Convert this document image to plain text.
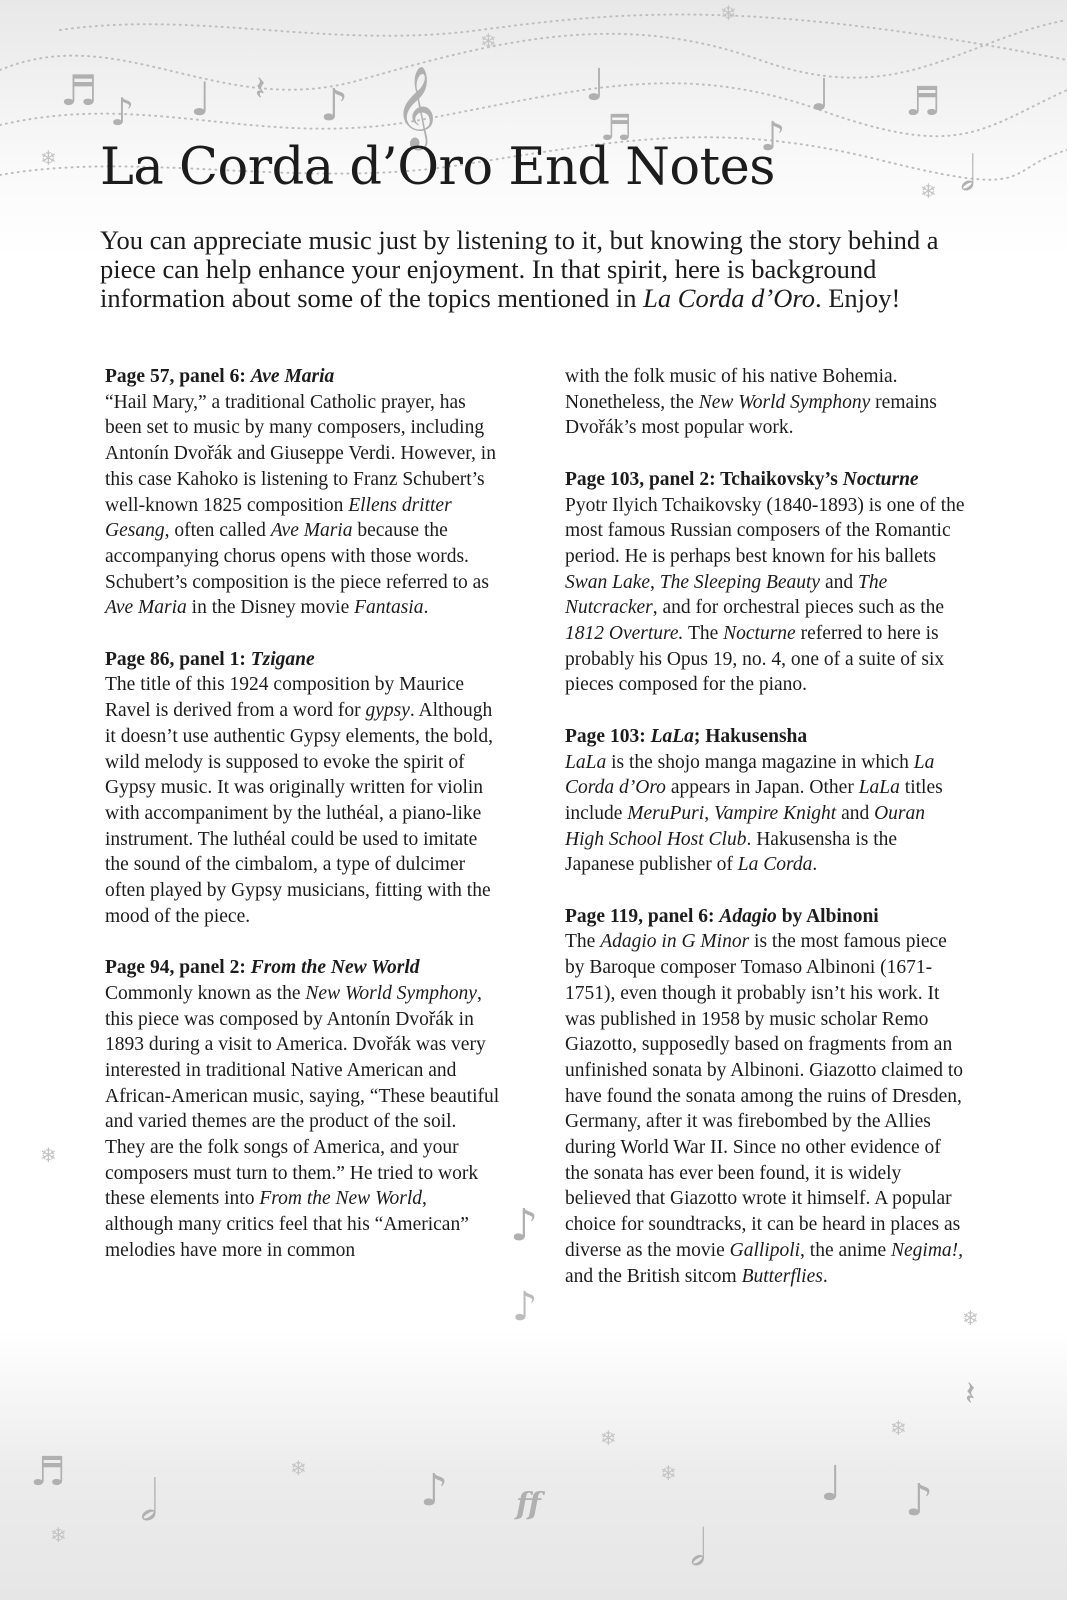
♬ ♪ ♩ 𝄽 ♪ 𝄞	♩
♬	♪
♩ ♬
𝅗𝅥
❄
❄
❄
❄
♬ 𝅗𝅥	♪
𝅗𝅥
♩ ♪
𝄽
♪
ff
❄
❄	❄
❄
❄
❄
❄
♪
La Corda d’Oro End Notes

You can appreciate music just by listening to it, but knowing the story behind a piece can help enhance your enjoyment. In that spirit, here is background information about some of the topics mentioned in La Corda d’Oro. Enjoy!

Page 57, panel 6: Ave Maria
“Hail Mary,” a traditional Catholic prayer, has been set to music by many composers, including Antonín Dvořák and Giuseppe Verdi. However, in this case Kahoko is listening to Franz Schubert’s well-known 1825 composition Ellens dritter Gesang, often called Ave Maria because the accompanying chorus opens with those words. Schubert’s composition is the piece referred to as Ave Maria in the Disney movie Fantasia.

Page 86, panel 1: Tzigane
The title of this 1924 composition by Maurice Ravel is derived from a word for gypsy. Although it doesn’t use authentic Gypsy elements, the bold, wild melody is supposed to evoke the spirit of Gypsy music. It was originally written for violin with accompaniment by the luthéal, a piano-like instrument. The luthéal could be used to imitate the sound of the cimbalom, a type of dulcimer often played by Gypsy musicians, fitting with the mood of the piece.

Page 94, panel 2: From the New World
Commonly known as the New World Symphony, this piece was composed by Antonín Dvořák in 1893 during a visit to America. Dvořák was very interested in traditional Native American and African-American music, saying, “These beautiful and varied themes are the product of the soil. They are the folk songs of America, and your composers must turn to them.” He tried to work these elements into From the New World, although many critics feel that his “American” melodies have more in common

with the folk music of his native Bohemia. Nonetheless, the New World Symphony remains Dvořák’s most popular work.

Page 103, panel 2: Tchaikovsky’s Nocturne
Pyotr Ilyich Tchaikovsky (1840-1893) is one of the most famous Russian composers of the Romantic period. He is perhaps best known for his ballets Swan Lake, The Sleeping Beauty and The Nutcracker, and for orchestral pieces such as the 1812 Overture. The Nocturne referred to here is probably his Opus 19, no. 4, one of a suite of six pieces composed for the piano.

Page 103: LaLa; Hakusensha
LaLa is the shojo manga magazine in which La Corda d’Oro appears in Japan. Other LaLa titles include MeruPuri, Vampire Knight and Ouran High School Host Club. Hakusensha is the Japanese publisher of La Corda.

Page 119, panel 6: Adagio by Albinoni
The Adagio in G Minor is the most famous piece by Baroque composer Tomaso Albinoni (1671-1751), even though it probably isn’t his work. It was published in 1958 by music scholar Remo Giazotto, supposedly based on fragments from an unfinished sonata by Albinoni. Giazotto claimed to have found the sonata among the ruins of Dresden, Germany, after it was firebombed by the Allies during World War II. Since no other evidence of the sonata has ever been found, it is widely believed that Giazotto wrote it himself. A popular choice for soundtracks, it can be heard in places as diverse as the movie Gallipoli, the anime Negima!, and the British sitcom Butterflies.
